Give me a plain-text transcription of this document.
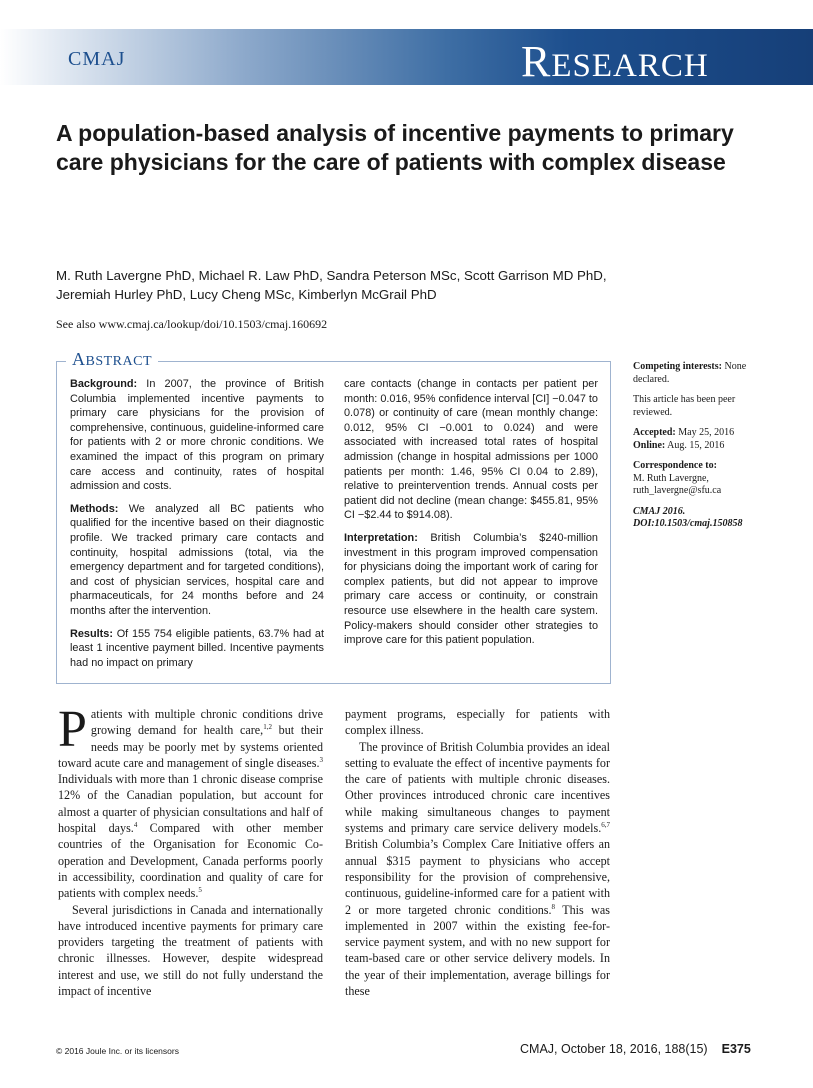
CMAJ	RESEARCH
A population-based analysis of incentive payments to primary care physicians for the care of patients with complex disease
M. Ruth Lavergne PhD, Michael R. Law PhD, Sandra Peterson MSc, Scott Garrison MD PhD,
Jeremiah Hurley PhD, Lucy Cheng MSc, Kimberlyn McGrail PhD
See also www.cmaj.ca/lookup/doi/10.1503/cmaj.160692
ABSTRACT

Background: In 2007, the province of British Columbia implemented incentive payments to primary care physicians for the provision of comprehensive, continuous, guideline-informed care for patients with 2 or more chronic conditions. We examined the impact of this program on primary care access and continuity, rates of hospital admission and costs.

Methods: We analyzed all BC patients who qualified for the incentive based on their diagnostic profile. We tracked primary care contacts and continuity, hospital admissions (total, via the emergency department and for targeted conditions), and cost of physician services, hospital care and pharmaceuticals, for 24 months before and 24 months after the intervention.

Results: Of 155 754 eligible patients, 63.7% had at least 1 incentive payment billed. Incentive payments had no impact on primary

care contacts (change in contacts per patient per month: 0.016, 95% confidence interval [CI] −0.047 to 0.078) or continuity of care (mean monthly change: 0.012, 95% CI −0.001 to 0.024) and were associated with increased total rates of hospital admission (change in hospital admissions per 1000 patients per month: 1.46, 95% CI 0.04 to 2.89), relative to preintervention trends. Annual costs per patient did not decline (mean change: $455.81, 95% CI −$2.44 to $914.08).

Interpretation: British Columbia’s $240-million investment in this program improved compensation for physicians doing the important work of caring for complex patients, but did not appear to improve primary care access or continuity, or constrain resource use elsewhere in the health care system. Policy-makers should consider other strategies to improve care for this patient population.

Competing interests: None declared.

This article has been peer reviewed.

Accepted: May 25, 2016
Online: Aug. 15, 2016

Correspondence to:
M. Ruth Lavergne,
ruth_lavergne@sfu.ca

CMAJ 2016. DOI:10.1503/cmaj.150858

Patients with multiple chronic conditions drive growing demand for health care,$^{1,2}$ but their needs may be poorly met by systems oriented toward acute care and management of single diseases.$^3$ Individuals with more than 1 chronic disease comprise 12% of the Canadian population, but account for almost a quarter of physician consultations and half of hospital days.$^4$ Compared with other member countries of the Organisation for Economic Co-operation and Development, Canada performs poorly in accessibility, coordination and quality of care for patients with complex needs.$^5$

Several jurisdictions in Canada and internationally have introduced incentive payments for primary care providers targeting the treatment of patients with chronic illnesses. However, despite widespread interest and use, we still do not fully understand the impact of incentive

payment programs, especially for patients with complex illness.

The province of British Columbia provides an ideal setting to evaluate the effect of incentive payments for the care of patients with multiple chronic diseases. Other provinces introduced chronic care incentives while making simultaneous changes to payment systems and primary care service delivery models.$^{6,7}$ British Columbia’s Complex Care Initiative offers an annual $315 payment to physicians who accept responsibility for the provision of comprehensive, continuous, guideline-informed care for a patient with 2 or more targeted chronic conditions.$^8$ This was implemented in 2007 within the existing fee-for-service payment system, and with no new support for team-based care or other service delivery models. In the year of their implementation, average billings for these

© 2016 Joule Inc. or its licensors	CMAJ, October 18, 2016, 188(15) E375
